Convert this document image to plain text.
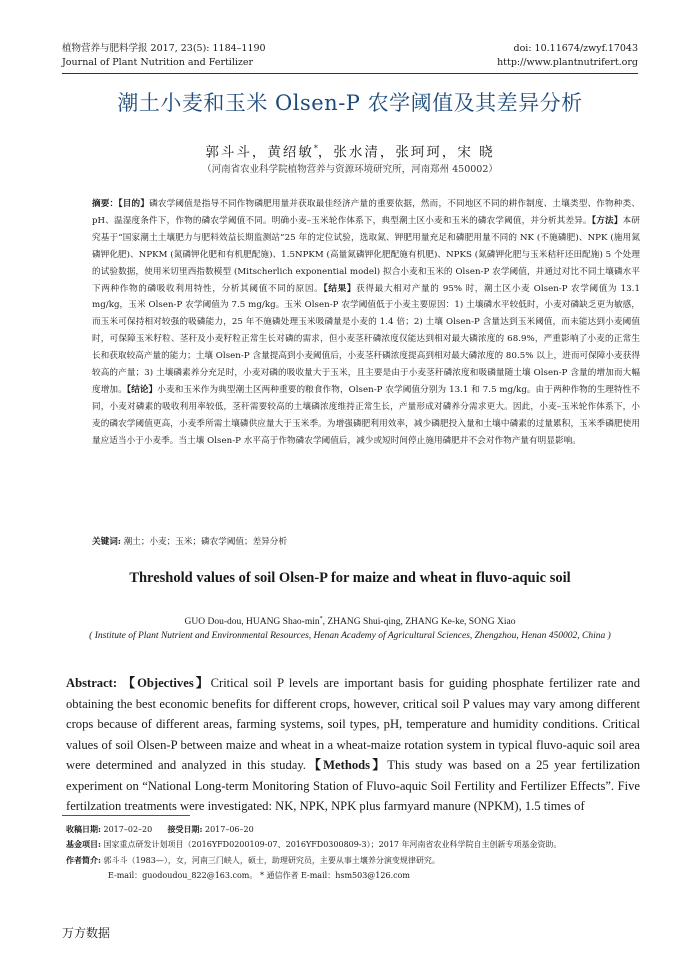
植物营养与肥料学报 2017, 23(5): 1184–1190	doi: 10.11674/zwyf.17043
Journal of Plant Nutrition and Fertilizer	http://www.plantnutrifert.org
潮土小麦和玉米 Olsen-P 农学阈值及其差异分析
郭斗斗，黄绍敏*，张水清，张珂珂，宋 晓
（河南省农业科学院植物营养与资源环境研究所，河南郑州 450002）
摘要：【目的】磷农学阈值是指导不同作物磷肥用量并获取最佳经济产量的重要依据，然而，不同地区不同的耕作制度、土壤类型、作物种类、pH、温湿度条件下，作物的磷农学阈值不同。明确小麦–玉米轮作体系下，典型潮土区小麦和玉米的磷农学阈值，并分析其差异。【方法】本研究基于“国家潮土土壤肥力与肥料效益长期监测站”25 年的定位试验，选取氮、钾肥用量充足和磷肥用量不同的 NK (不施磷肥)、NPK (施用氮磷钾化肥)、NPKM (氮磷钾化肥和有机肥配施)、1.5NPKM (高量氮磷钾化肥配施有机肥)、NPKS (氮磷钾化肥与玉米秸秆还田配施) 5 个处理的试验数据，使用米切里西指数模型 (Mitscherlich exponential model) 拟合小麦和玉米的 Olsen-P 农学阈值，并通过对比不同土壤磷水平下两种作物的磷吸收利用特性，分析其阈值不同的原因。【结果】获得最大相对产量的 95% 时，潮土区小麦 Olsen-P 农学阈值为 13.1 mg/kg，玉米 Olsen-P 农学阈值为 7.5 mg/kg。玉米 Olsen-P 农学阈值低于小麦主要原因：1) 土壤磷水平较低时，小麦对磷缺乏更为敏感，而玉米可保持相对较强的吸磷能力，25 年不施磷处理玉米吸磷量是小麦的 1.4 倍；2) 土壤 Olsen-P 含量达到玉米阈值，而未能达到小麦阈值时，可保障玉米籽粒、茎秆及小麦籽粒正常生长对磷的需求，但小麦茎秆磷浓度仅能达到相对最大磷浓度的 68.9%，严重影响了小麦的正常生长和获取较高产量的能力；土壤 Olsen-P 含量提高到小麦阈值后，小麦茎秆磷浓度提高到相对最大磷浓度的 80.5% 以上，进而可保障小麦获得较高的产量；3) 土壤磷素养分充足时，小麦对磷的吸收量大于玉米，且主要是由于小麦茎秆磷浓度和吸磷量随土壤 Olsen-P 含量的增加而大幅度增加。【结论】小麦和玉米作为典型潮土区两种重要的粮食作物，Olsen-P 农学阈值分别为 13.1 和 7.5 mg/kg。由于两种作物的生理特性不同，小麦对磷素的吸收利用率较低，茎秆需要较高的土壤磷浓度维持正常生长，产量形成对磷养分需求更大。因此，小麦–玉米轮作体系下，小麦的磷农学阈值更高，小麦季所需土壤磷供应量大于玉米季。为增强磷肥利用效率，减少磷肥投入量和土壤中磷素的过量累积，玉米季磷肥使用量应适当小于小麦季。当土壤 Olsen-P 水平高于作物磷农学阈值后，减少或短时间停止施用磷肥并不会对作物产量有明显影响。
关键词: 潮土；小麦；玉米；磷农学阈值；差异分析
Threshold values of soil Olsen-P for maize and wheat in fluvo-aquic soil
GUO Dou-dou, HUANG Shao-min*, ZHANG Shui-qing, ZHANG Ke-ke, SONG Xiao
( Institute of Plant Nutrient and Environmental Resources, Henan Academy of Agricultural Sciences, Zhengzhou, Henan 450002, China )
Abstract: 【Objectives】Critical soil P levels are important basis for guiding phosphate fertilizer rate and obtaining the best economic benefits for different crops, however, critical soil P values may vary among different crops because of different areas, farming systems, soil types, pH, temperature and humidity conditions. Critical values of soil Olsen-P between maize and wheat in a wheat-maize rotation system in typical fluvo-aquic soil area were determined and analyzed in this studay.【Methods】This study was based on a 25 year fertilization experiment on “National Long-term Monitoring Station of Fluvo-aquic Soil Fertility and Fertilizer Effects”. Five fertilzation treatments were investigated: NK, NPK, NPK plus farmyard manure (NPKM), 1.5 times of
收稿日期: 2017–02–20 接受日期: 2017–06–20
基金项目: 国家重点研发计划项目（2016YFD0200109-07、2016YFD0300809-3）；2017 年河南省农业科学院自主创新专项基金资助。
作者简介: 郭斗斗（1983—），女，河南三门峡人，硕士，助理研究员，主要从事土壤养分演变规律研究。
E-mail：guodoudou_822@163.com。 * 通信作者 E-mail：hsm503@126.com
万方数据
